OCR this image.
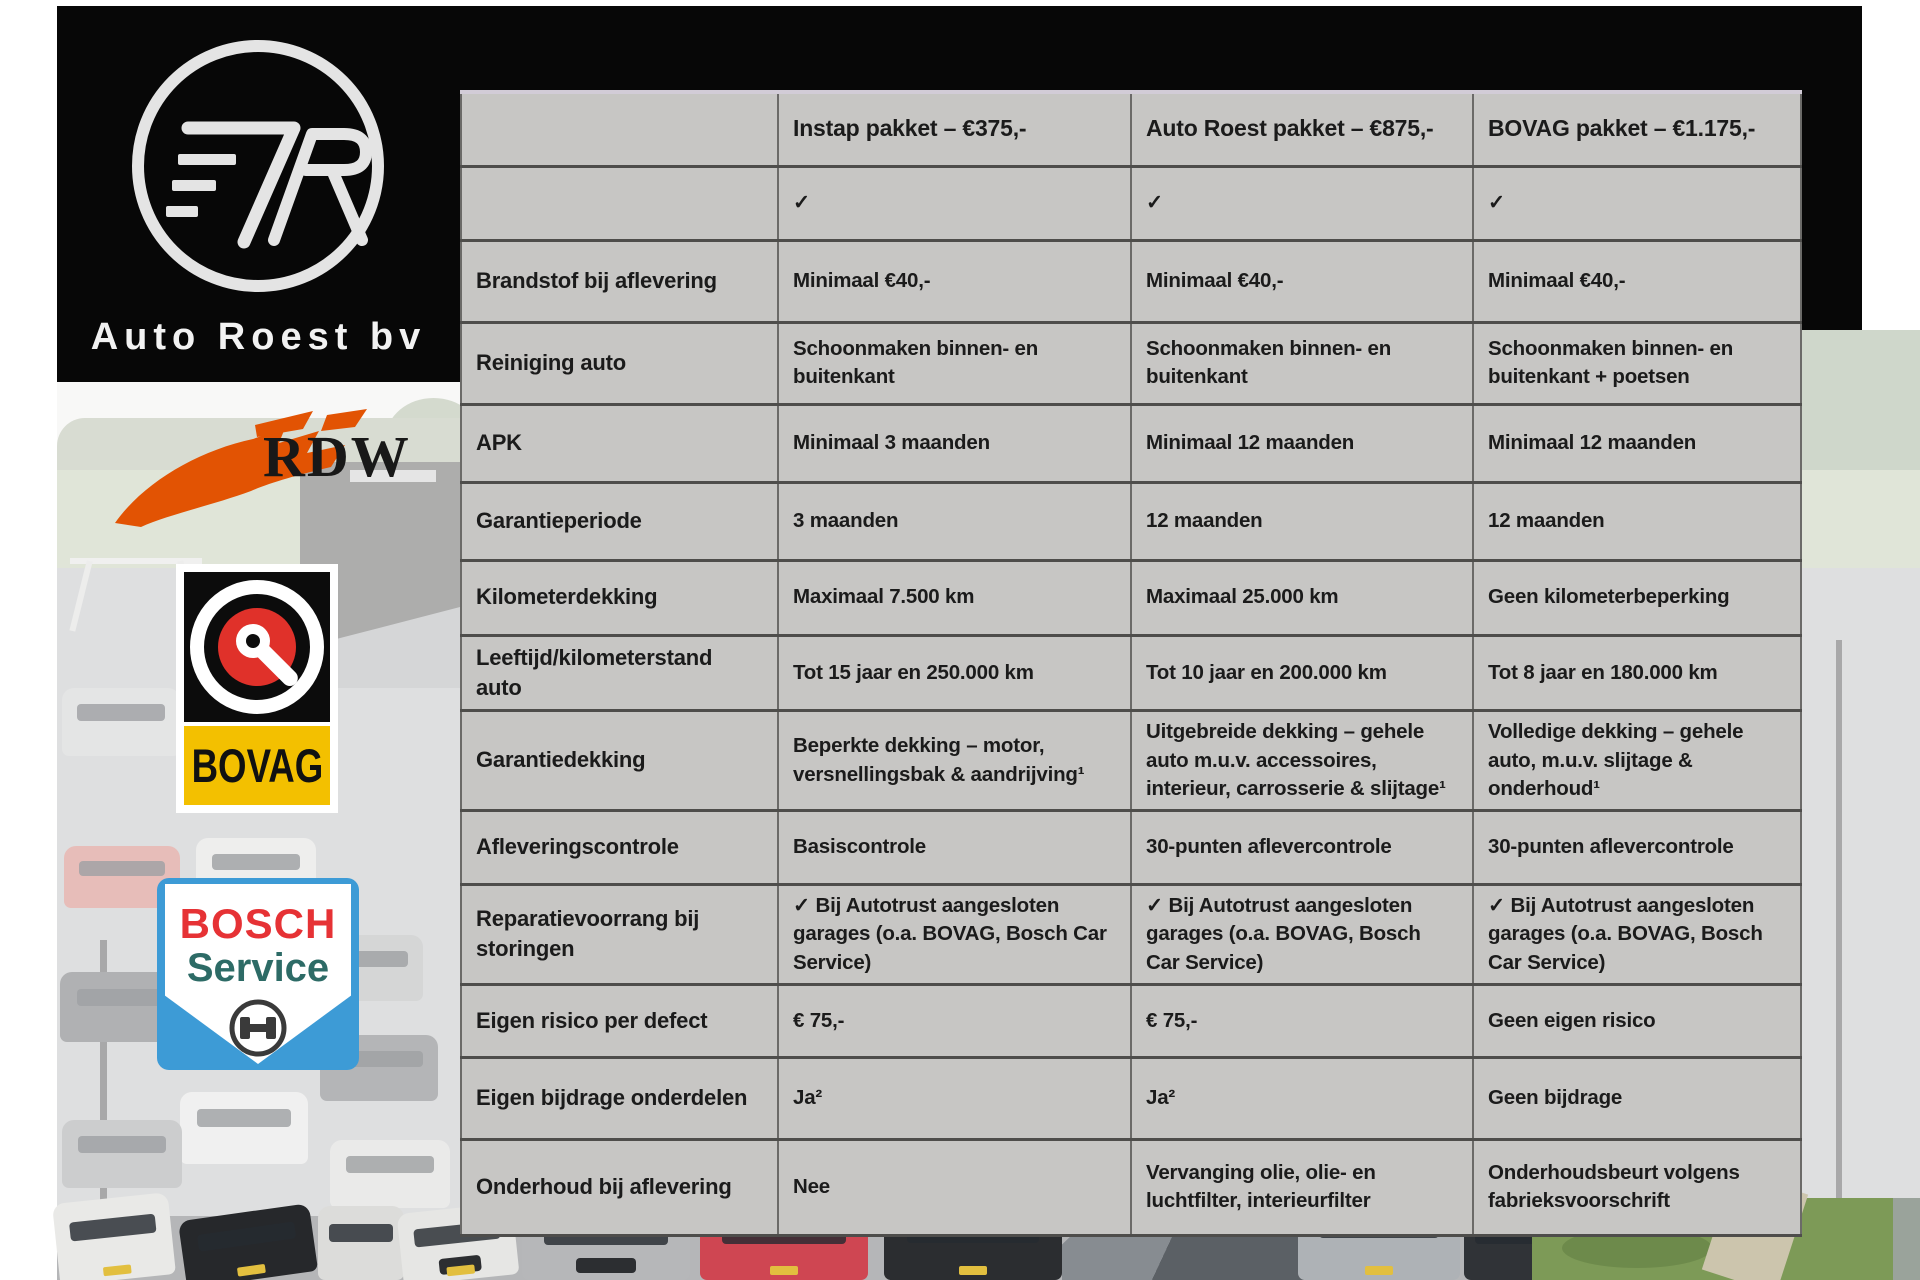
Auto Roest bv
RDW
BOVAG
BOSCH
Service
	Instap pakket – €375,-	Auto Roest pakket – €875,-	BOVAG pakket – €1.175,-
	✓	✓	✓
Brandstof bij aflevering	Minimaal €40,-	Minimaal €40,-	Minimaal €40,-
Reiniging auto	Schoonmaken binnen- en buitenkant	Schoonmaken binnen- en buitenkant	Schoonmaken binnen- en buitenkant + poetsen
APK	Minimaal 3 maanden	Minimaal 12 maanden	Minimaal 12 maanden
Garantieperiode	3 maanden	12 maanden	12 maanden
Kilometerdekking	Maximaal 7.500 km	Maximaal 25.000 km	Geen kilometerbeperking
Leeftijd/kilometerstand auto	Tot 15 jaar en 250.000 km	Tot 10 jaar en 200.000 km	Tot 8 jaar en 180.000 km
Garantiedekking	Beperkte dekking – motor, versnellingsbak & aandrijving¹	Uitgebreide dekking – gehele auto m.u.v. accessoires, interieur, carrosserie & slijtage¹	Volledige dekking – gehele auto, m.u.v. slijtage & onderhoud¹
Afleveringscontrole	Basiscontrole	30-punten aflevercontrole	30-punten aflevercontrole
Reparatievoorrang bij storingen	✓ Bij Autotrust aangesloten garages (o.a. BOVAG, Bosch Car Service)	✓ Bij Autotrust aangesloten garages (o.a. BOVAG, Bosch Car Service)	✓ Bij Autotrust aangesloten garages (o.a. BOVAG, Bosch Car Service)
Eigen risico per defect	€ 75,-	€ 75,-	Geen eigen risico
Eigen bijdrage onderdelen	Ja²	Ja²	Geen bijdrage
Onderhoud bij aflevering	Nee	Vervanging olie, olie- en luchtfilter, interieurfilter	Onderhoudsbeurt volgens fabrieksvoorschrift
